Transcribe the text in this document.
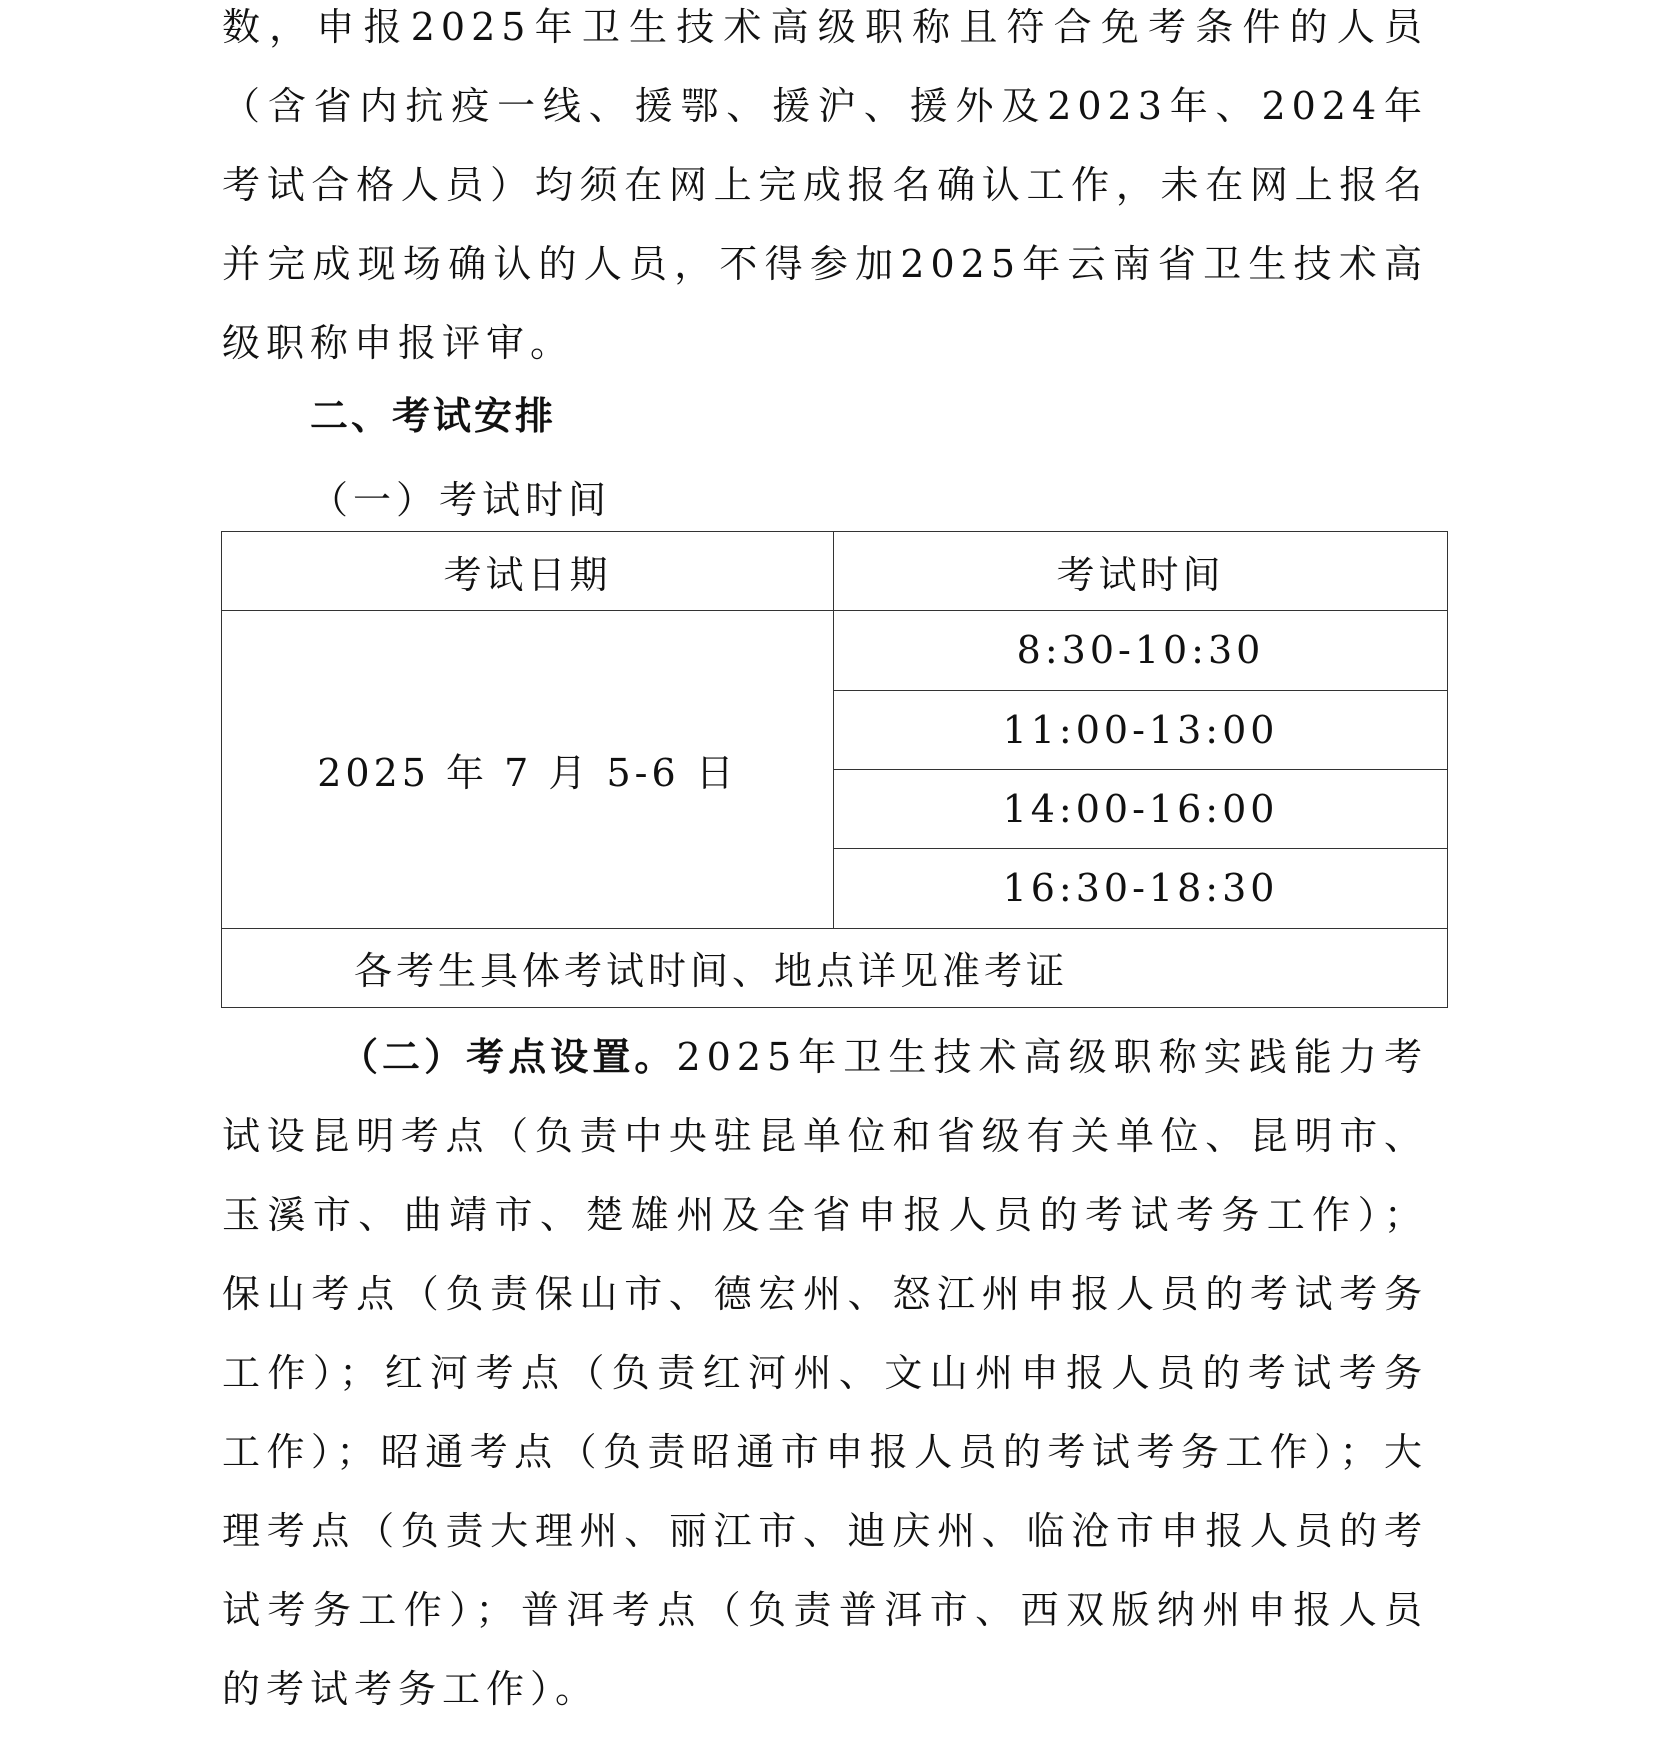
数，申报2025年卫生技术高级职称且符合免考条件的人员（含省内抗疫一线、援鄂、援沪、援外及2023年、2024年考试合格人员）均须在网上完成报名确认工作，未在网上报名并完成现场确认的人员，不得参加2025年云南省卫生技术高级职称申报评审。
二、考试安排
（一）考试时间
考试日期	考试时间
2025 年 7 月 5-6 日	8:30-10:30
	11:00-13:00
	14:00-16:00
	16:30-18:30
各考生具体考试时间、地点详见准考证	
（二）考点设置。2025年卫生技术高级职称实践能力考试设昆明考点（负责中央驻昆单位和省级有关单位、昆明市、玉溪市、曲靖市、楚雄州及全省申报人员的考试考务工作）；保山考点（负责保山市、德宏州、怒江州申报人员的考试考务工作）；红河考点（负责红河州、文山州申报人员的考试考务工作）；昭通考点（负责昭通市申报人员的考试考务工作）；大理考点（负责大理州、丽江市、迪庆州、临沧市申报人员的考试考务工作）；普洱考点（负责普洱市、西双版纳州申报人员的考试考务工作）。
